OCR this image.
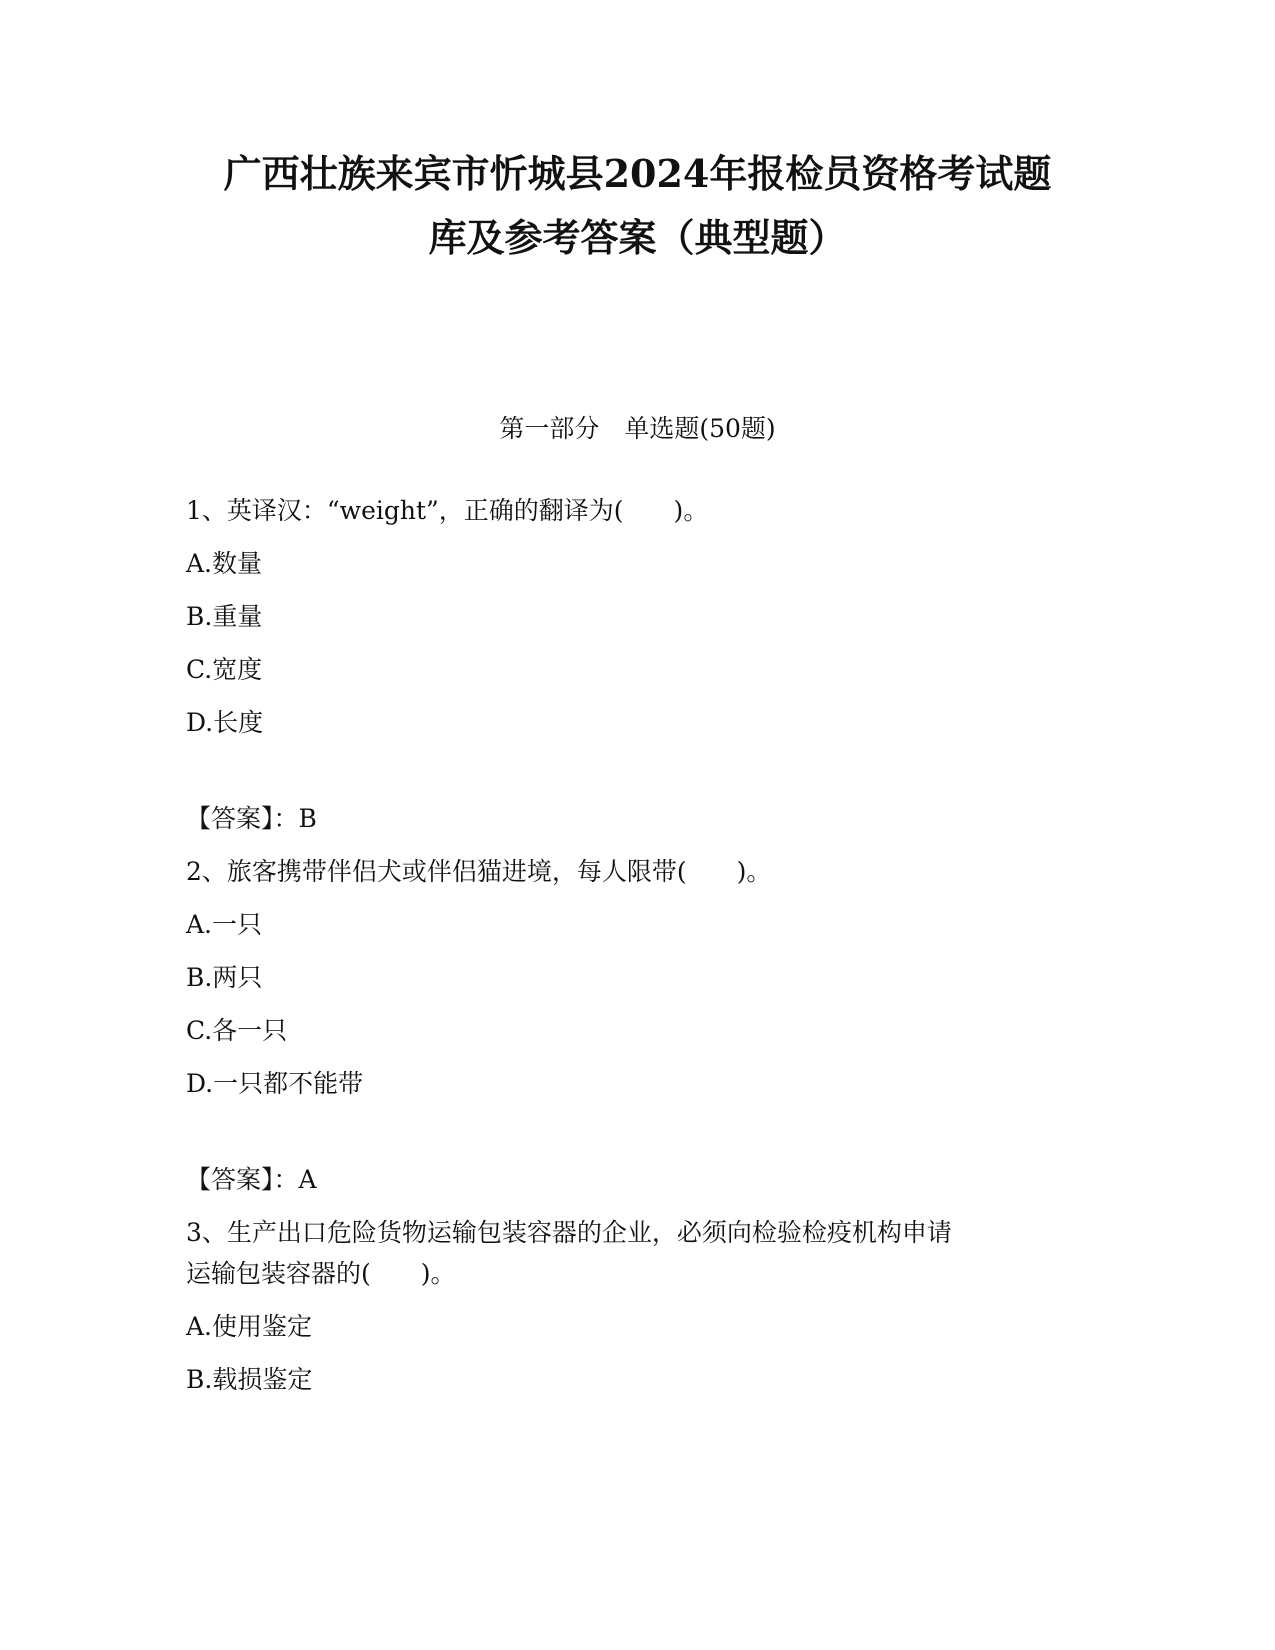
广西壮族来宾市忻城县2024年报检员资格考试题
库及参考答案（典型题）
第一部分　单选题(50题)
1、英译汉：“weight”，正确的翻译为(　　)。
A.数量
B.重量
C.宽度
D.长度
【答案】：B
2、旅客携带伴侣犬或伴侣猫进境，每人限带(　　)。
A.一只
B.两只
C.各一只
D.一只都不能带
【答案】：A
3、生产出口危险货物运输包装容器的企业，必须向检验检疫机构申请
运输包装容器的(　　)。
A.使用鉴定
B.载损鉴定
